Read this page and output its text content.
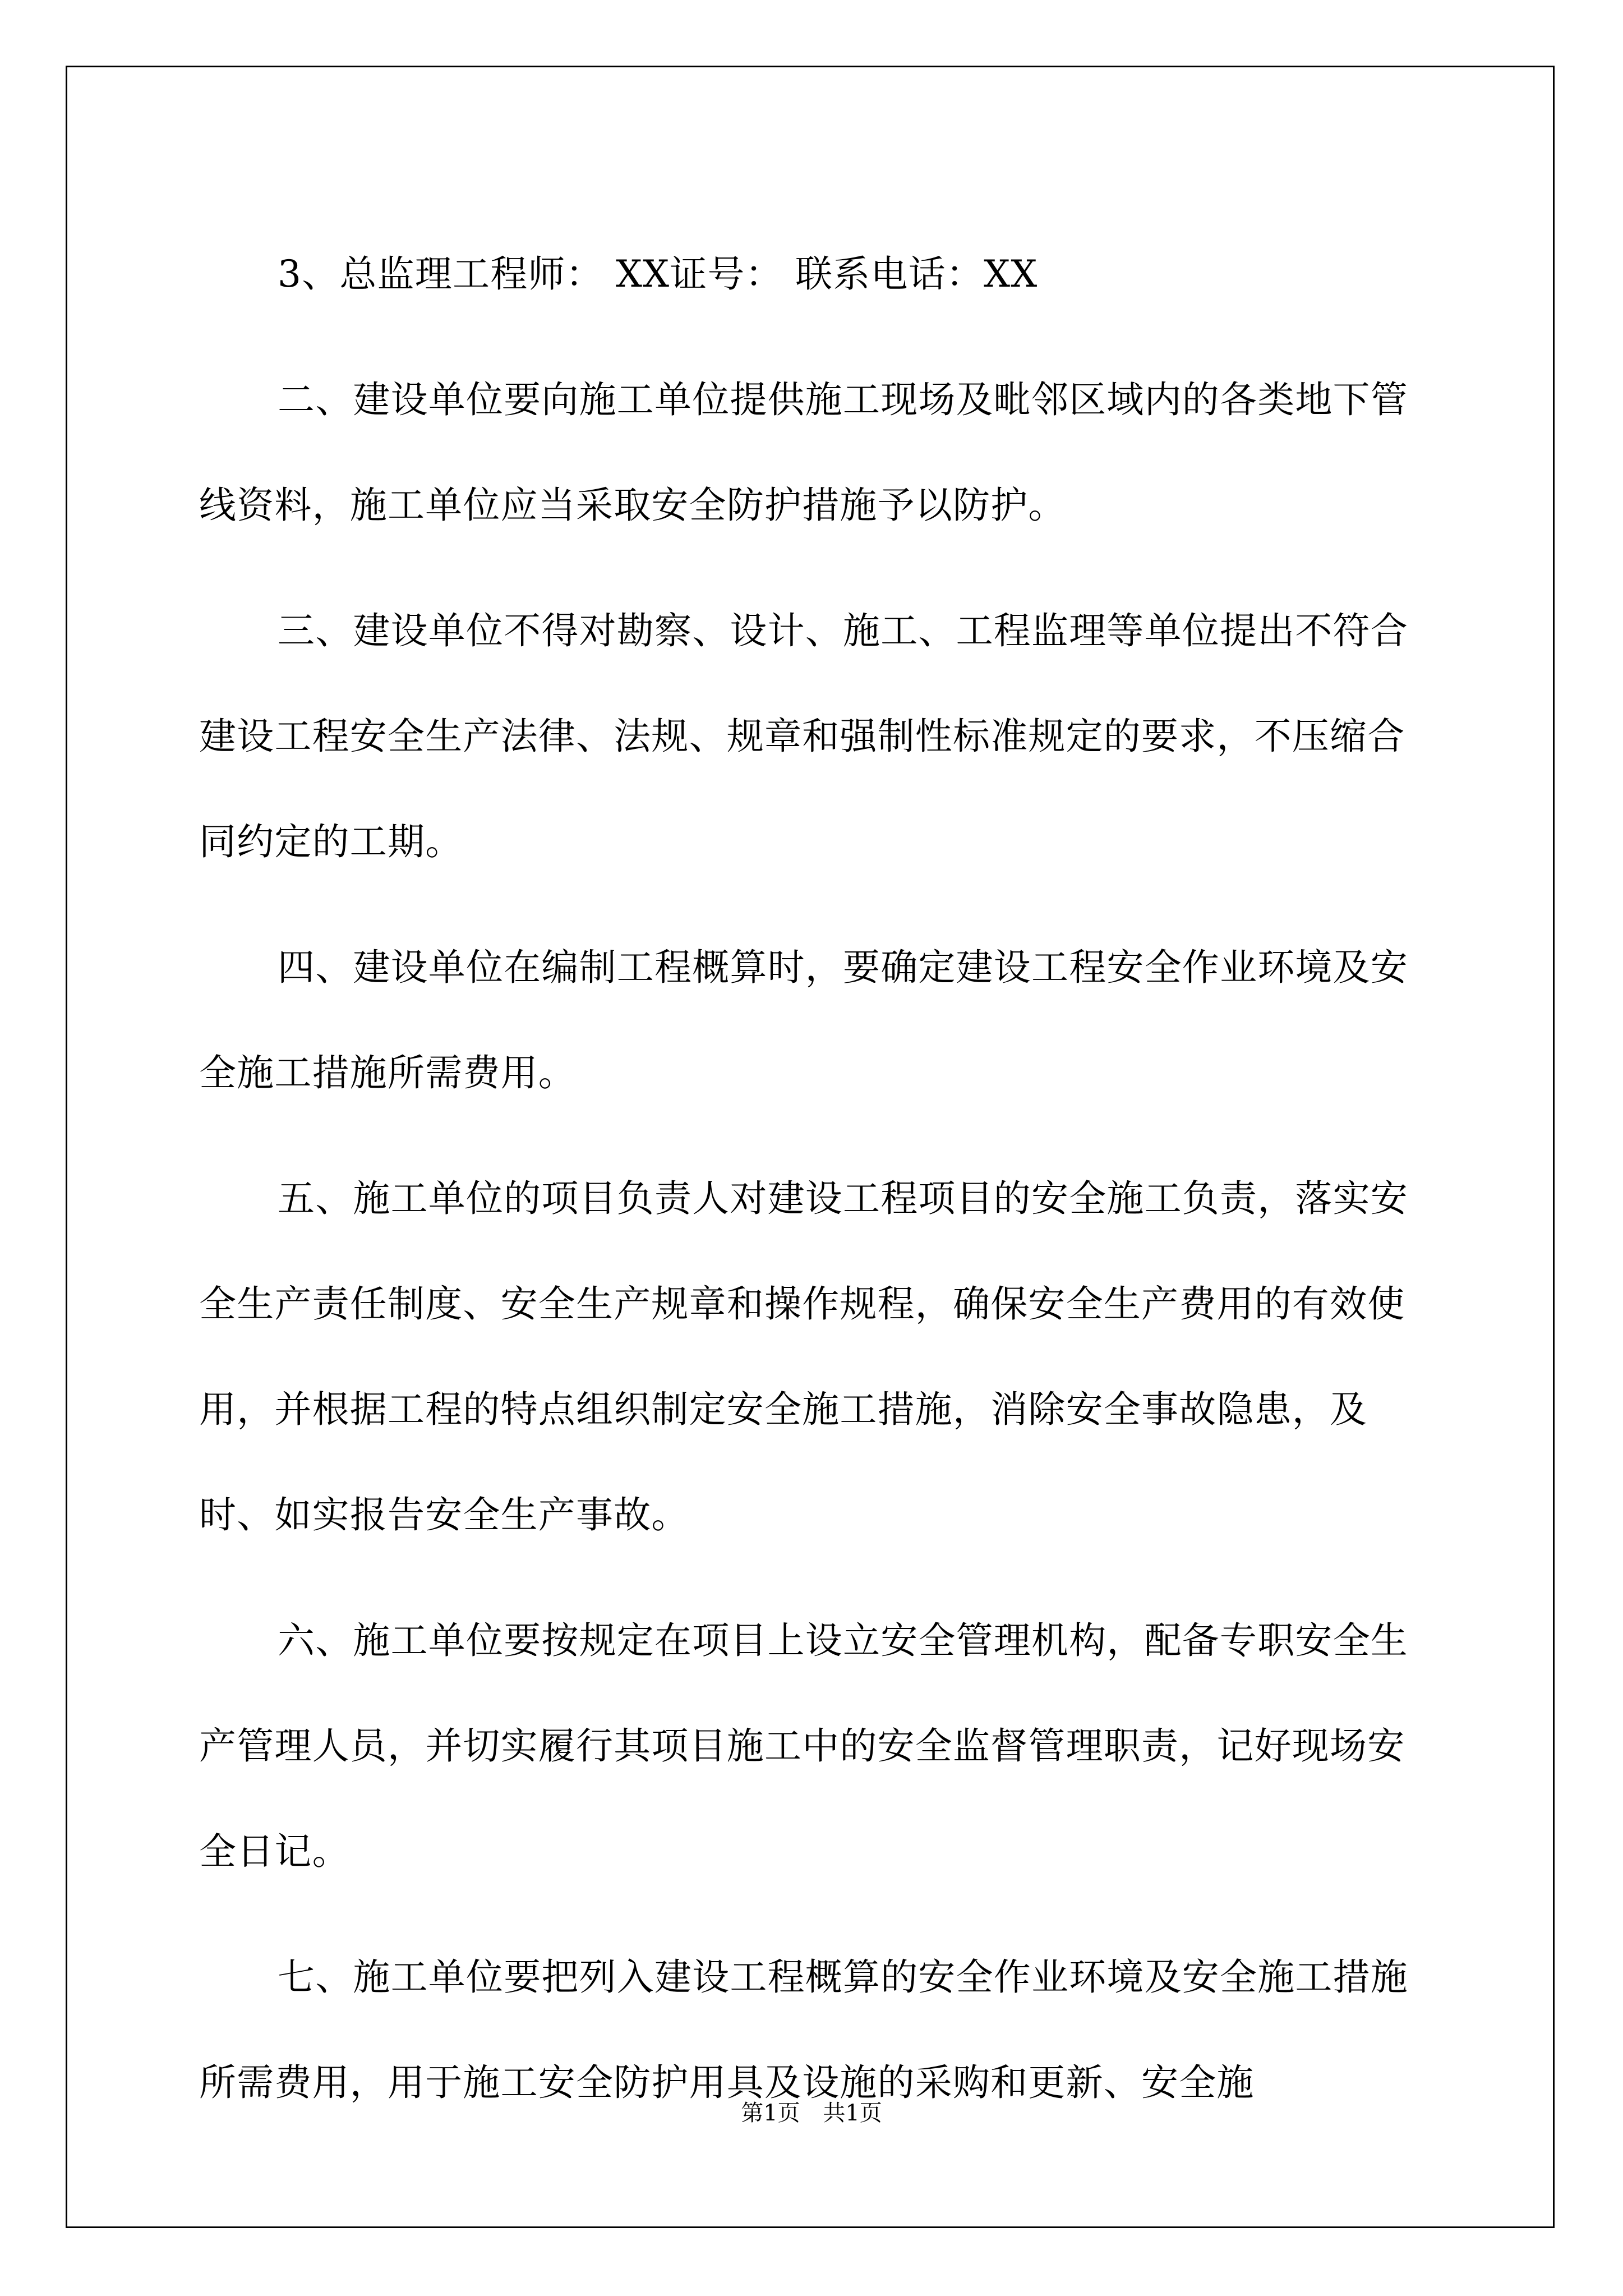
3、总监理工程师： XX证号： 联系电话：XX

二、建设单位要向施工单位提供施工现场及毗邻区域内的各类地下管线资料，施工单位应当采取安全防护措施予以防护。

三、建设单位不得对勘察、设计、施工、工程监理等单位提出不符合建设工程安全生产法律、法规、规章和强制性标准规定的要求，不压缩合同约定的工期。

四、建设单位在编制工程概算时，要确定建设工程安全作业环境及安全施工措施所需费用。

五、施工单位的项目负责人对建设工程项目的安全施工负责，落实安全生产责任制度、安全生产规章和操作规程，确保安全生产费用的有效使用，并根据工程的特点组织制定安全施工措施，消除安全事故隐患，及时、如实报告安全生产事故。

六、施工单位要按规定在项目上设立安全管理机构，配备专职安全生产管理人员，并切实履行其项目施工中的安全监督管理职责，记好现场安全日记。

七、施工单位要把列入建设工程概算的安全作业环境及安全施工措施所需费用，用于施工安全防护用具及设施的采购和更新、安全施

第1页 共1页
